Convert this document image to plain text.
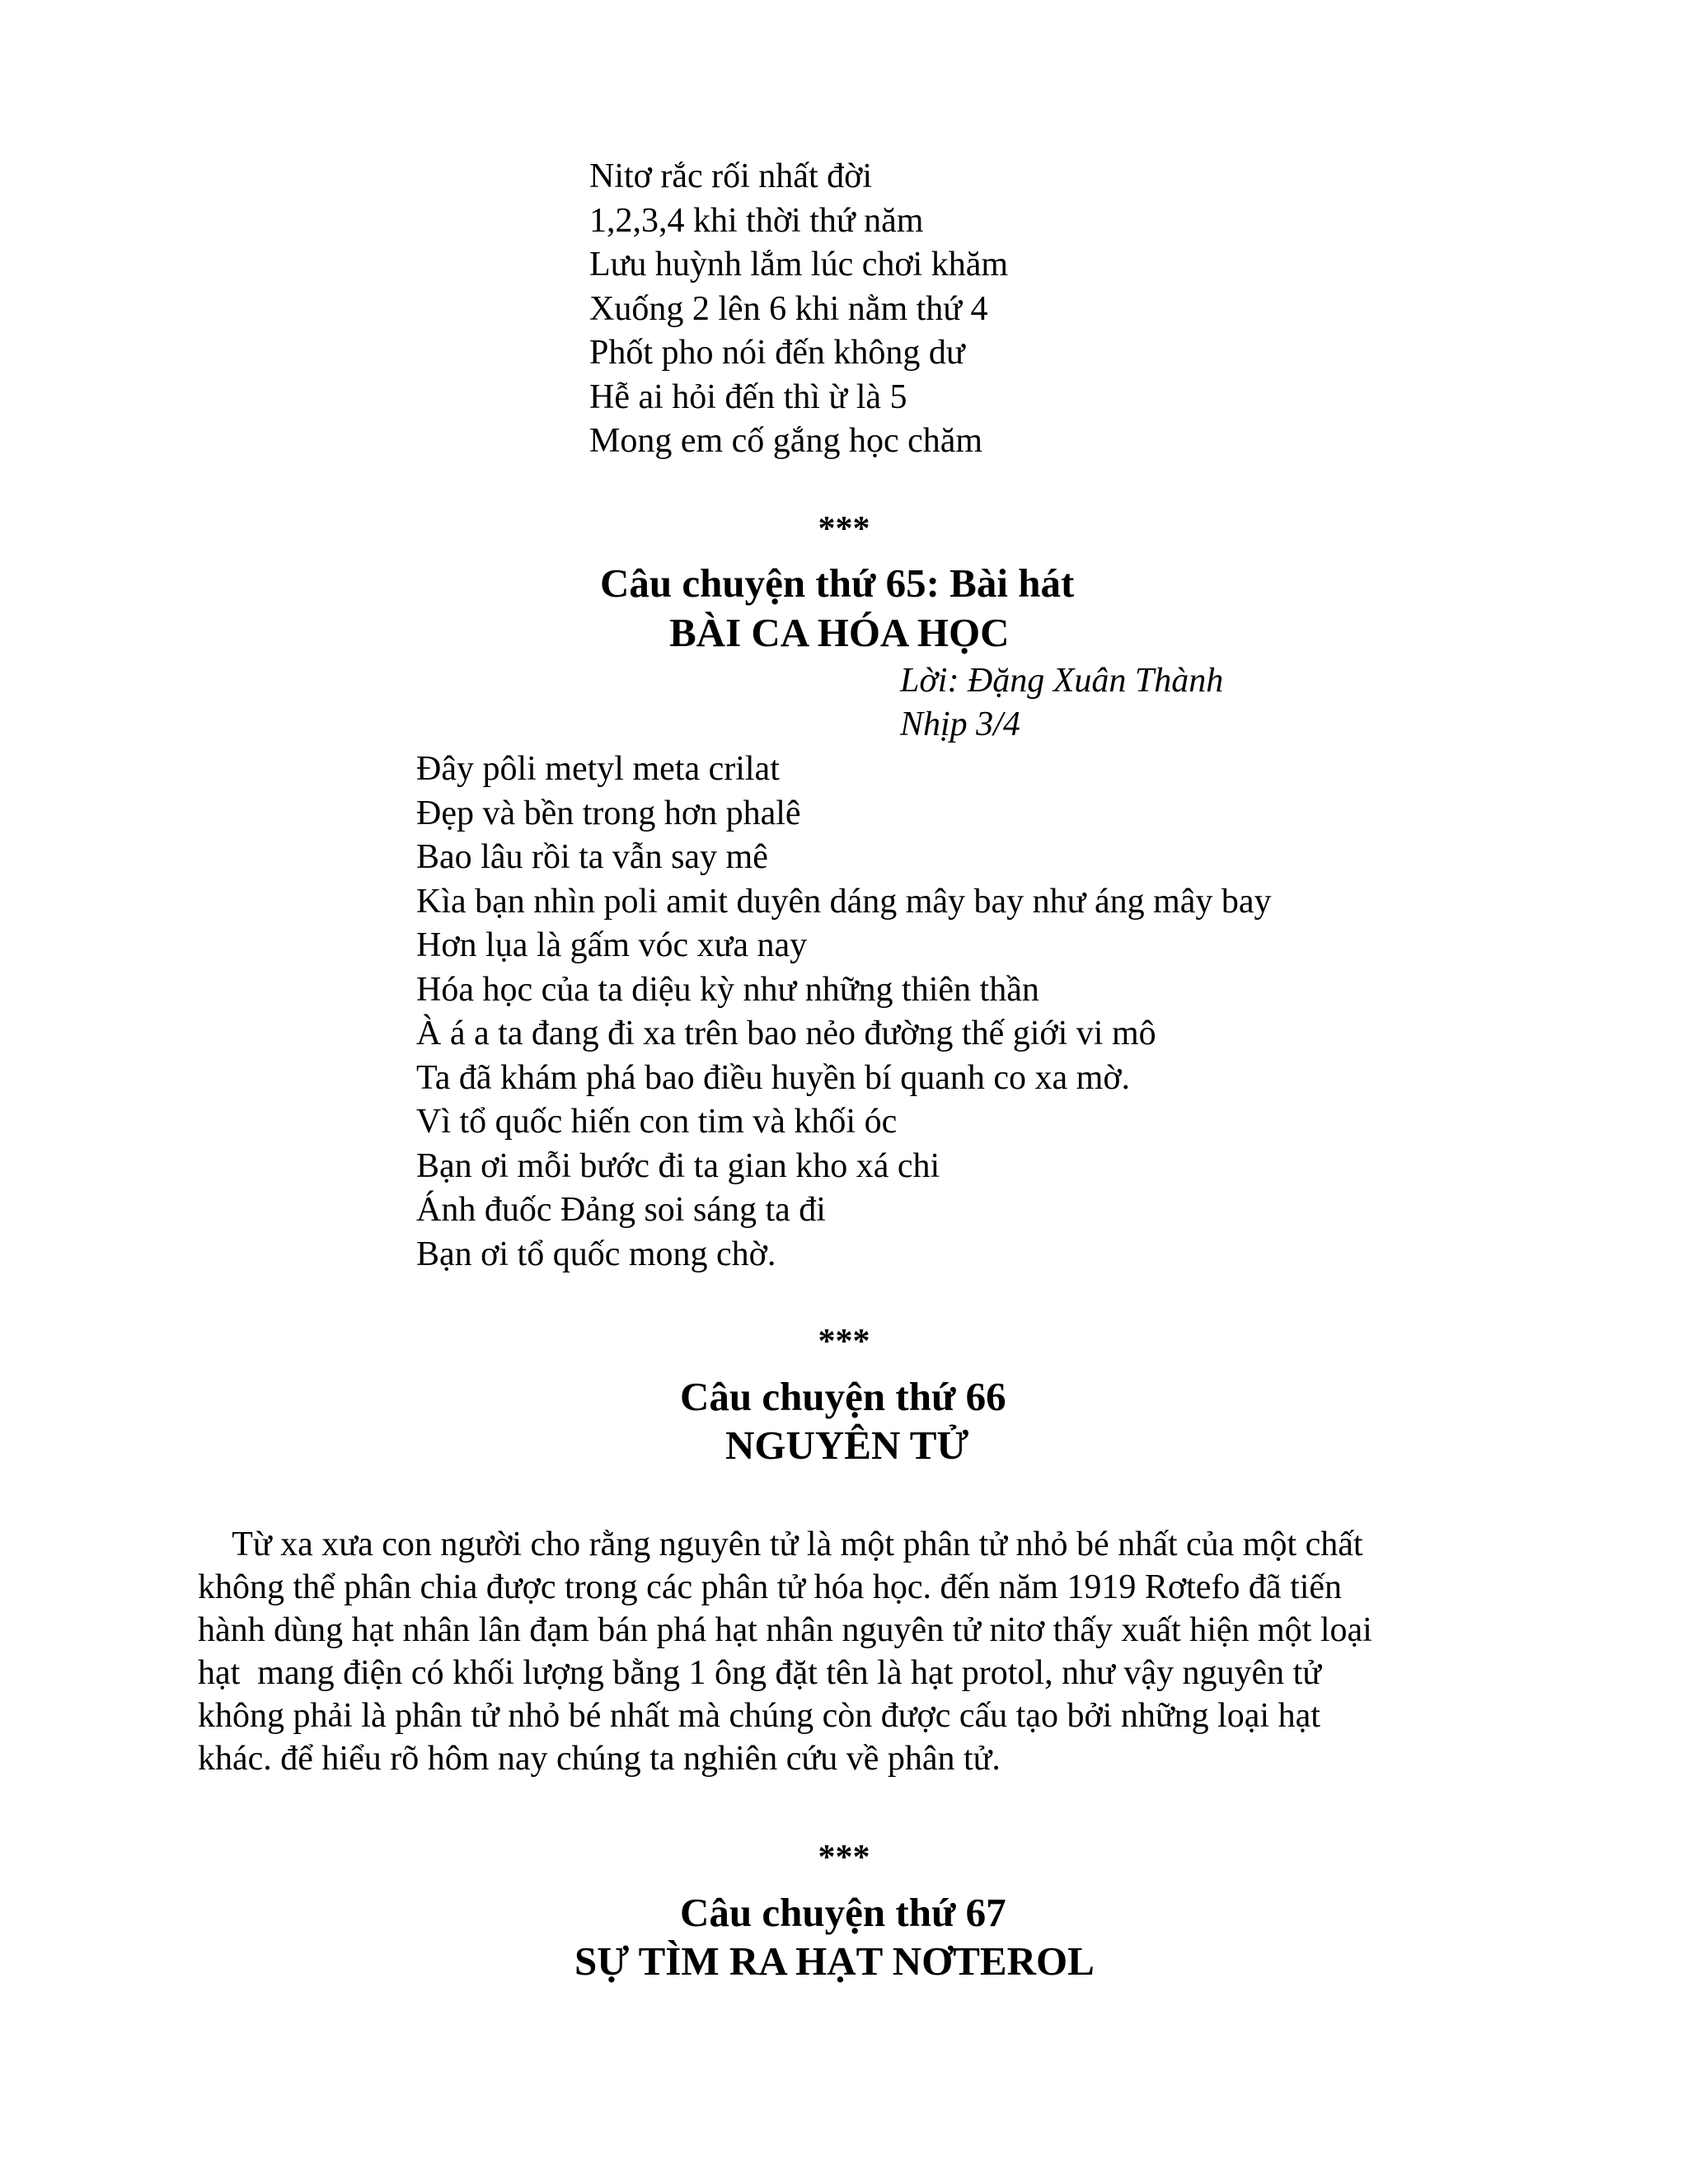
Nitơ rắc rối nhất đời
1,2,3,4 khi thời thứ năm
Lưu huỳnh lắm lúc chơi khăm
Xuống 2 lên 6 khi nằm thứ 4
Phốt pho nói đến không dư
Hễ ai hỏi đến thì ừ là 5
Mong em cố gắng học chăm
***
Câu chuyện thứ 65: Bài hát
BÀI CA HÓA HỌC
Lời: Đặng Xuân Thành
Nhịp 3/4
Đây pôli metyl meta crilat
Đẹp và bền trong hơn phalê
Bao lâu rồi ta vẫn say mê
Kìa bạn nhìn poli amit duyên dáng mây bay như áng mây bay
Hơn lụa là gấm vóc xưa nay
Hóa học của ta diệu kỳ như những thiên thần
À á a ta đang đi xa trên bao nẻo đường thế giới vi mô
Ta đã khám phá bao điều huyền bí quanh co xa mờ.
Vì tổ quốc hiến con tim và khối óc
Bạn ơi mỗi bước đi ta gian kho xá chi
Ánh đuốc Đảng soi sáng ta đi
Bạn ơi tổ quốc mong chờ.
***
Câu chuyện thứ 66
NGUYÊN TỬ
Từ xa xưa con người cho rằng nguyên tử là một phân tử nhỏ bé nhất của một chất
không thể phân chia được trong các phân tử hóa học. đến năm 1919 Rơtefo đã tiến
hành dùng hạt nhân lân đạm bán phá hạt nhân nguyên tử nitơ thấy xuất hiện một loại
hạt  mang điện có khối lượng bằng 1 ông đặt tên là hạt protol, như vậy nguyên tử
không phải là phân tử nhỏ bé nhất mà chúng còn được cấu tạo bởi những loại hạt
khác. để hiểu rõ hôm nay chúng ta nghiên cứu về phân tử.
***
Câu chuyện thứ 67
SỰ TÌM RA HẠT NƠTEROL
